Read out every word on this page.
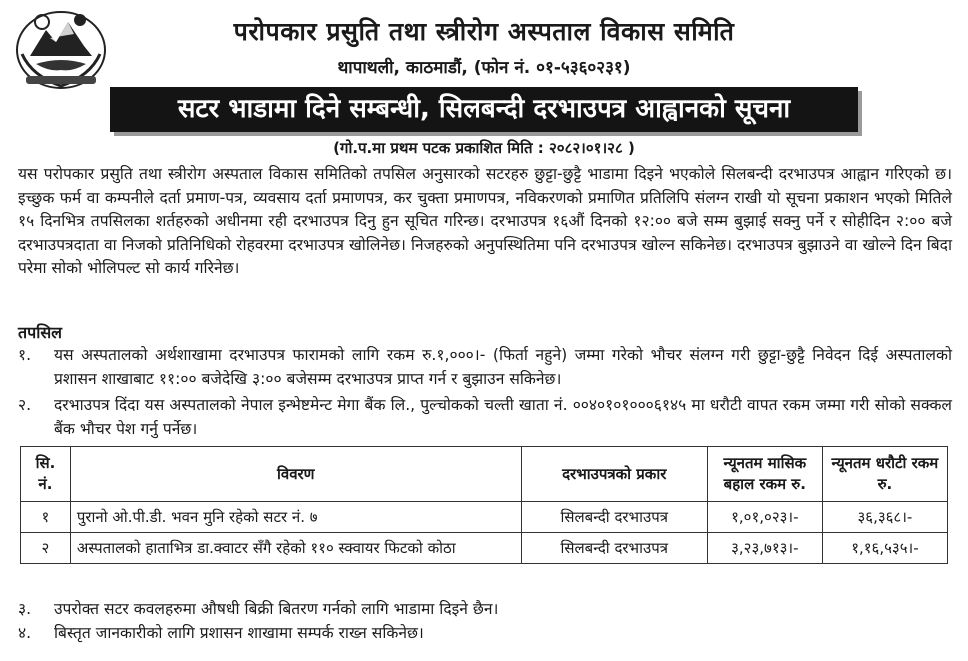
परोपकार प्रसुति तथा स्त्रीरोग अस्पताल विकास समिति
थापाथली, काठमाडौं, (फोन नं. ०१-५३६०२३१)
सटर भाडामा दिने सम्बन्धी, सिलबन्दी दरभाउपत्र आह्वानको सूचना
(गो.प.मा प्रथम पटक प्रकाशित मिति : २०८२।०१।२८ )
यस परोपकार प्रसुति तथा स्त्रीरोग अस्पताल विकास समितिको तपसिल अनुसारको सटरहरु छुट्टा-छुट्टै भाडामा दिइने भएकोले सिलबन्दी दरभाउपत्र आह्वान गरिएको छ। इच्छुक फर्म वा कम्पनीले दर्ता प्रमाण-पत्र, व्यवसाय दर्ता प्रमाणपत्र, कर चुक्ता प्रमाणपत्र, नविकरणको प्रमाणित प्रतिलिपि संलग्न राखी यो सूचना प्रकाशन भएको मितिले १५ दिनभित्र तपसिलका शर्तहरुको अधीनमा रही दरभाउपत्र दिनु हुन सूचित गरिन्छ। दरभाउपत्र १६औं दिनको १२:०० बजे सम्म बुझाई सक्नु पर्ने र सोहीदिन २:०० बजे दरभाउपत्रदाता वा निजको प्रतिनिधिको रोहवरमा दरभाउपत्र खोलिनेछ। निजहरुको अनुपस्थितिमा पनि दरभाउपत्र खोल्न सकिनेछ। दरभाउपत्र बुझाउने वा खोल्ने दिन बिदा परेमा सोको भोलिपल्ट सो कार्य गरिनेछ।
तपसिल
१.	यस अस्पतालको अर्थशाखामा दरभाउपत्र फारामको लागि रकम रु.१,०००।- (फिर्ता नहुने) जम्मा गरेको भौचर संलग्न गरी छुट्टा-छुट्टै निवेदन दिई अस्पतालको प्रशासन शाखाबाट ११:०० बजेदेखि ३:०० बजेसम्म दरभाउपत्र प्राप्त गर्न र बुझाउन सकिनेछ।
२.	दरभाउपत्र दिंदा यस अस्पतालको नेपाल इन्भेष्टमेन्ट मेगा बैंक लि., पुल्चोकको चल्ती खाता नं. ००४०१०१०००६१४५ मा धरौटी वापत रकम जम्मा गरी सोको सक्कल बैंक भौचर पेश गर्नु पर्नेछ।
सि. नं.	विवरण	दरभाउपत्रको प्रकार	न्यूनतम मासिक बहाल रकम रु.	न्यूनतम धरौटी रकम रु.
१	पुरानो ओ.पी.डी. भवन मुनि रहेको सटर नं. ७	सिलबन्दी दरभाउपत्र	१,०१,०२३।-	३६,३६८।-
२	अस्पतालको हाताभित्र डा.क्वाटर सँगै रहेको ११० स्क्वायर फिटको कोठा	सिलबन्दी दरभाउपत्र	३,२३,७१३।-	१,१६,५३५।-
३.	उपरोक्त सटर कवलहरुमा औषधी बिक्री बितरण गर्नको लागि भाडामा दिइने छैन।
४.	बिस्तृत जानकारीको लागि प्रशासन शाखामा सम्पर्क राख्न सकिनेछ।
